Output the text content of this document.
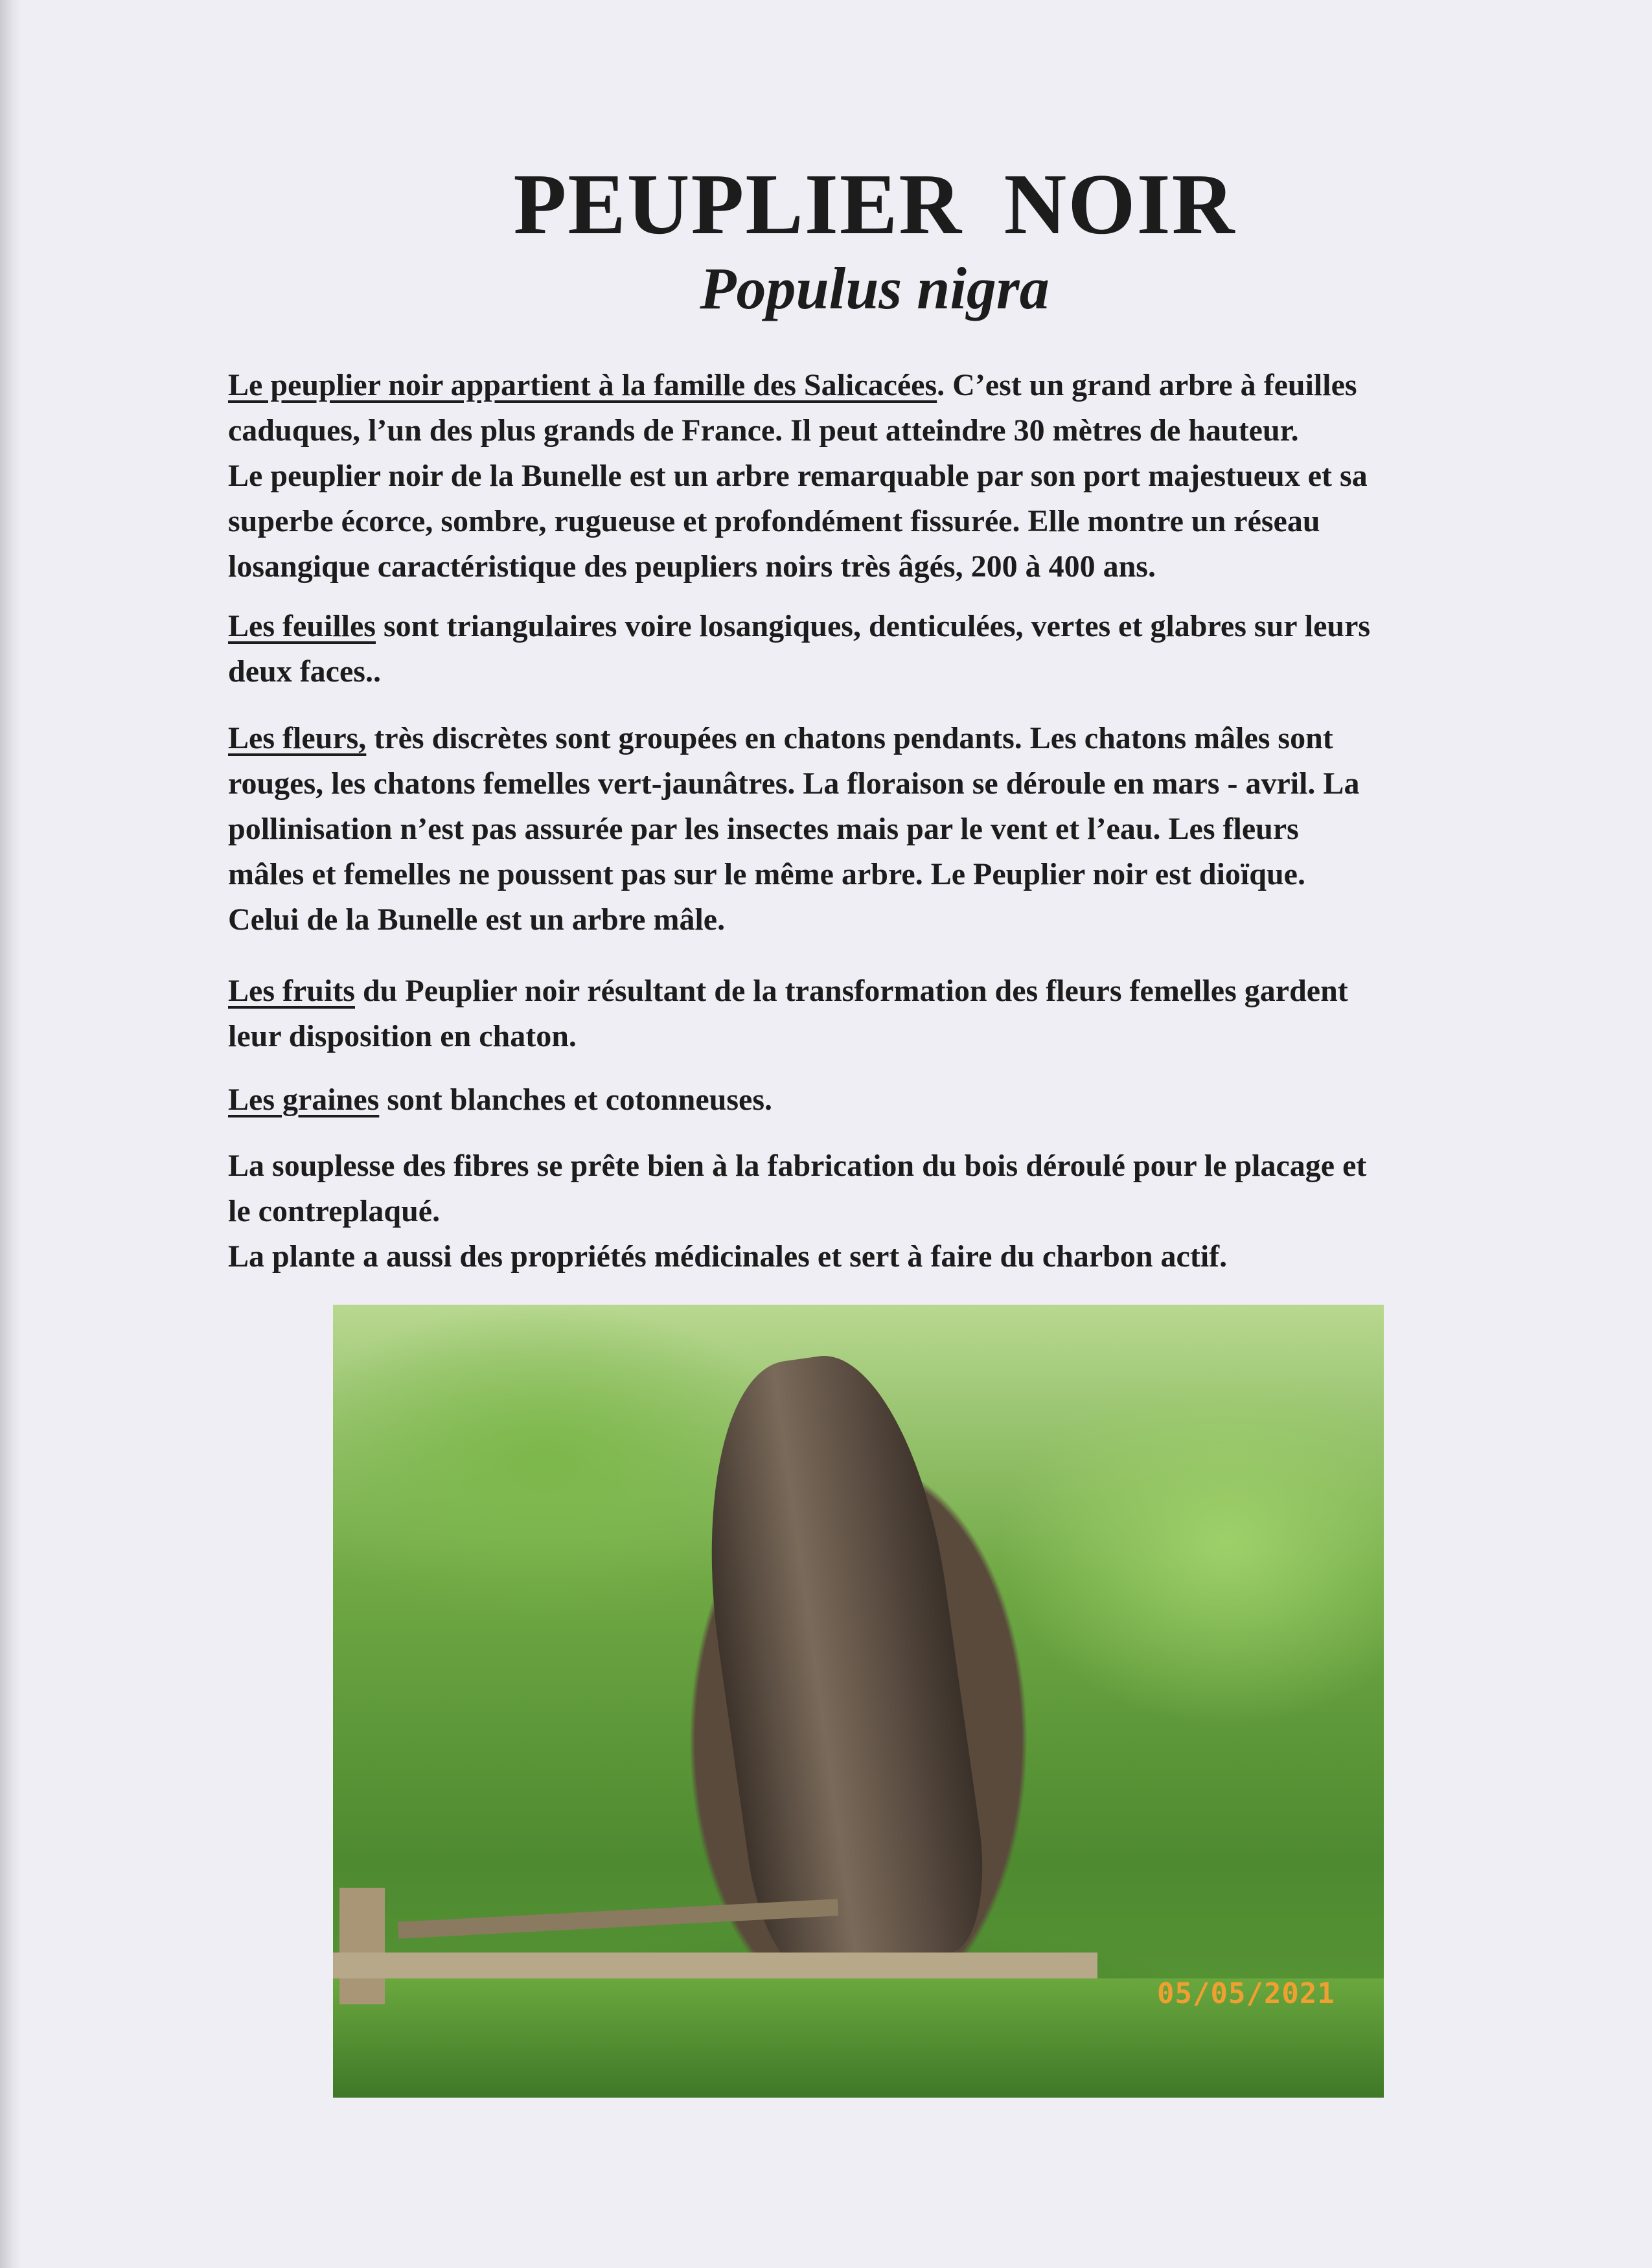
PEUPLIER NOIR
Populus nigra
Le peuplier noir appartient à la famille des Salicacées. C’est un grand arbre à feuilles
caduques, l’un des plus grands de France. Il peut atteindre 30 mètres de hauteur.
Le peuplier noir de la Bunelle est un arbre remarquable par son port majestueux et sa
superbe écorce, sombre, rugueuse et profondément fissurée. Elle montre un réseau
losangique caractéristique des peupliers noirs très âgés, 200 à 400 ans.
Les feuilles sont triangulaires voire losangiques, denticulées, vertes et glabres sur leurs
deux faces..
Les fleurs, très discrètes sont groupées en chatons pendants. Les chatons mâles sont
rouges, les chatons femelles vert-jaunâtres. La floraison se déroule en mars - avril. La
pollinisation n’est pas assurée par les insectes mais par le vent et l’eau. Les fleurs
mâles et femelles ne poussent pas sur le même arbre. Le Peuplier noir est dioïque.
Celui de la Bunelle est un arbre mâle.
Les fruits du Peuplier noir résultant de la transformation des fleurs femelles gardent
leur disposition en chaton.
Les graines sont blanches et cotonneuses.
La souplesse des fibres se prête bien à la fabrication du bois déroulé pour le placage et
le contreplaqué.
La plante a aussi des propriétés médicinales et sert à faire du charbon actif.
05/05/2021
